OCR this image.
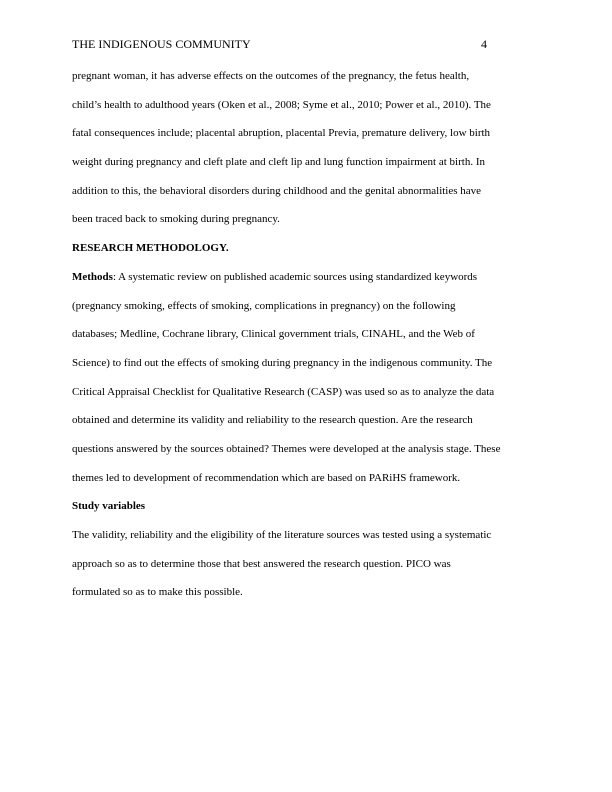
THE INDIGENOUS COMMUNITY	4
pregnant woman, it has adverse effects on the outcomes of the pregnancy, the fetus health,
child’s health to adulthood years (Oken et al., 2008; Syme et al., 2010; Power et al., 2010). The
fatal consequences include; placental abruption, placental Previa, premature delivery, low birth
weight during pregnancy and cleft plate and cleft lip and lung function impairment at birth. In
addition to this, the behavioral disorders during childhood and the genital abnormalities have
been traced back to smoking during pregnancy.
RESEARCH METHODOLOGY.
Methods: A systematic review on published academic sources using standardized keywords
(pregnancy smoking, effects of smoking, complications in pregnancy) on the following
databases; Medline, Cochrane library, Clinical government trials, CINAHL, and the Web of
Science) to find out the effects of smoking during pregnancy in the indigenous community. The
Critical Appraisal Checklist for Qualitative Research (CASP) was used so as to analyze the data
obtained and determine its validity and reliability to the research question. Are the research
questions answered by the sources obtained? Themes were developed at the analysis stage. These
themes led to development of recommendation which are based on PARiHS framework.
Study variables
The validity, reliability and the eligibility of the literature sources was tested using a systematic
approach so as to determine those that best answered the research question. PICO was
formulated so as to make this possible.
